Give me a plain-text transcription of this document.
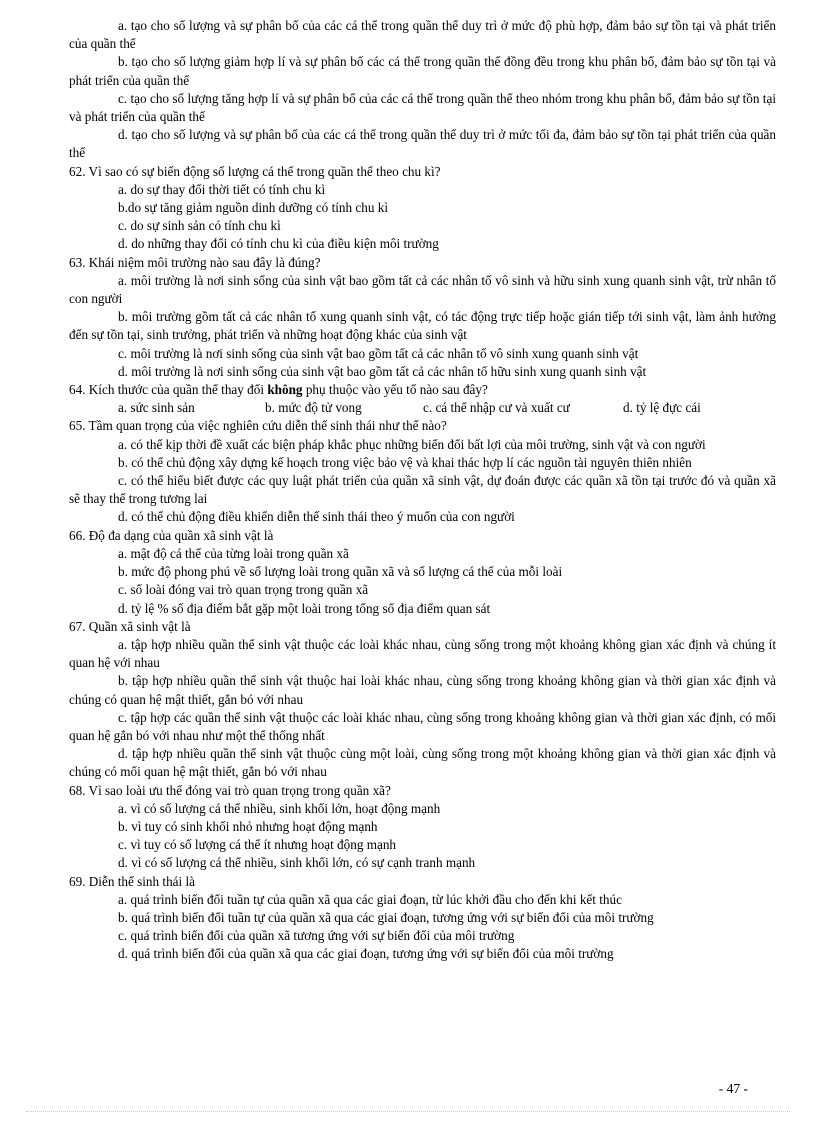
a. tạo cho số lượng và sự phân bố của các cá thể trong quần thể duy trì ở mức độ phù hợp, đảm bảo sự tồn tại và phát triển của quần thể

b. tạo cho số lượng giảm hợp lí và sự phân bố các cá thể trong quần thể đồng đều trong khu phân bố, đảm bảo sự tồn tại và phát triển của quần thể

c. tạo cho số lượng tăng hợp lí và sự phân bố của các cá thể trong quần thể theo nhóm trong khu phân bố, đảm bảo sự tồn tại và phát triển của quần thể

d. tạo cho số lượng và sự phân bố của các cá thể trong quần thể duy trì ở mức tối đa, đảm bảo sự tồn tại phát triển của quần thể

62. Vì sao có sự biến động số lượng cá thể trong quần thể theo chu kì?

a. do sự thay đổi thời tiết có tính chu kì

b.do sự tăng giảm nguồn dinh dưỡng có tính chu kì

c. do sự sinh sản có tính chu kì

d. do những thay đổi có tính chu kì của điều kiện môi trường

63. Khái niệm môi trường nào sau đây là đúng?

a. môi trường là nơi sinh sống của sinh vật bao gồm tất cả các nhân tố vô sinh và hữu sinh xung quanh sinh vật, trừ nhân tố con người

b. môi trường gồm tất cả các nhân tố xung quanh sinh vật, có tác động trực tiếp hoặc gián tiếp tới sinh vật, làm ảnh hưởng đến sự tồn tại, sinh trưởng, phát triển và những hoạt động khác của sinh vật

c. môi trường là nơi sinh sống của sinh vật bao gồm tất cả các nhân tố vô sinh xung quanh sinh vật

d. môi trường là nơi sinh sống của sinh vật bao gồm tất cả các nhân tố hữu sinh xung quanh sinh vật

64. Kích thước của quần thể thay đổi không phụ thuộc vào yếu tố nào sau đây?

a. sức sinh sản	b. mức độ tử vong	c. cá thể nhập cư và xuất cư	d. tỷ lệ đực cái

65. Tầm quan trọng của việc nghiên cứu diễn thế sinh thái như thế nào?

a. có thể kịp thời đề xuất các biện pháp khắc phục những biến đổi bất lợi của môi trường, sinh vật và con người

b. có thể chủ động xây dựng kế hoạch trong việc bảo vệ và khai thác hợp lí các nguồn tài nguyên thiên nhiên

c. có thể hiểu biết được các quy luật phát triển của quần xã sinh vật, dự đoán được các quần xã tồn tại trước đó và quần xã sẽ thay thế trong tương lai

d. có thể chủ động điều khiển diễn thế sinh thái theo ý muốn của con người

66. Độ đa dạng của quần xã sinh vật là

a. mật độ cá thể của từng loài trong quần xã

b. mức độ phong phú về số lượng loài trong quần xã và số lượng cá thể của mỗi loài

c. số loài đóng vai trò quan trọng trong quần xã

d. tỷ lệ % số địa điểm bắt gặp một loài trong tổng số địa điểm quan sát

67. Quần xã sinh vật là

a. tập hợp nhiều quần thể sinh vật thuộc các loài khác nhau, cùng sống trong một khoảng không gian xác định và chúng ít quan hệ với nhau

b. tập hợp nhiều quần thể sinh vật thuộc hai loài khác nhau, cùng sống trong khoảng không gian và thời gian xác định và chúng có quan hệ mật thiết, gắn bó với nhau

c. tập hợp các quần thể sinh vật thuộc các loài khác nhau, cùng sống trong khoảng không gian và thời gian xác định, có mối quan hệ gắn bó với nhau như một thể thống nhất

d. tập hợp nhiều quần thể sinh vật thuộc cùng một loài, cùng sống trong một khoảng không gian và thời gian xác định và chúng có mối quan hệ mật thiết, gắn bó với nhau

68. Vì sao loài ưu thế đóng vai trò quan trọng trong quần xã?

a. vì có số lượng cá thể nhiều, sinh khối lớn, hoạt động mạnh

b. vì tuy có sinh khối nhỏ nhưng hoạt động mạnh

c. vì tuy có số lượng cá thể ít nhưng hoạt động mạnh

d. vì có số lượng cá thể nhiều, sinh khối lớn, có sự cạnh tranh mạnh

69. Diễn thế sinh thái là

a. quá trình biến đổi tuần tự của quần xã qua các giai đoạn, từ lúc khởi đầu cho đến khi kết thúc

b. quá trình biến đổi tuần tự của quần xã qua các giai đoạn, tương ứng với sự biến đổi của môi trường

c. quá trình biến đổi của quần xã tương ứng với sự biến đổi của môi trường

d. quá trình biến đổi của quần xã qua các giai đoạn, tương ứng với sự biến đổi của môi trường

- 47 -
